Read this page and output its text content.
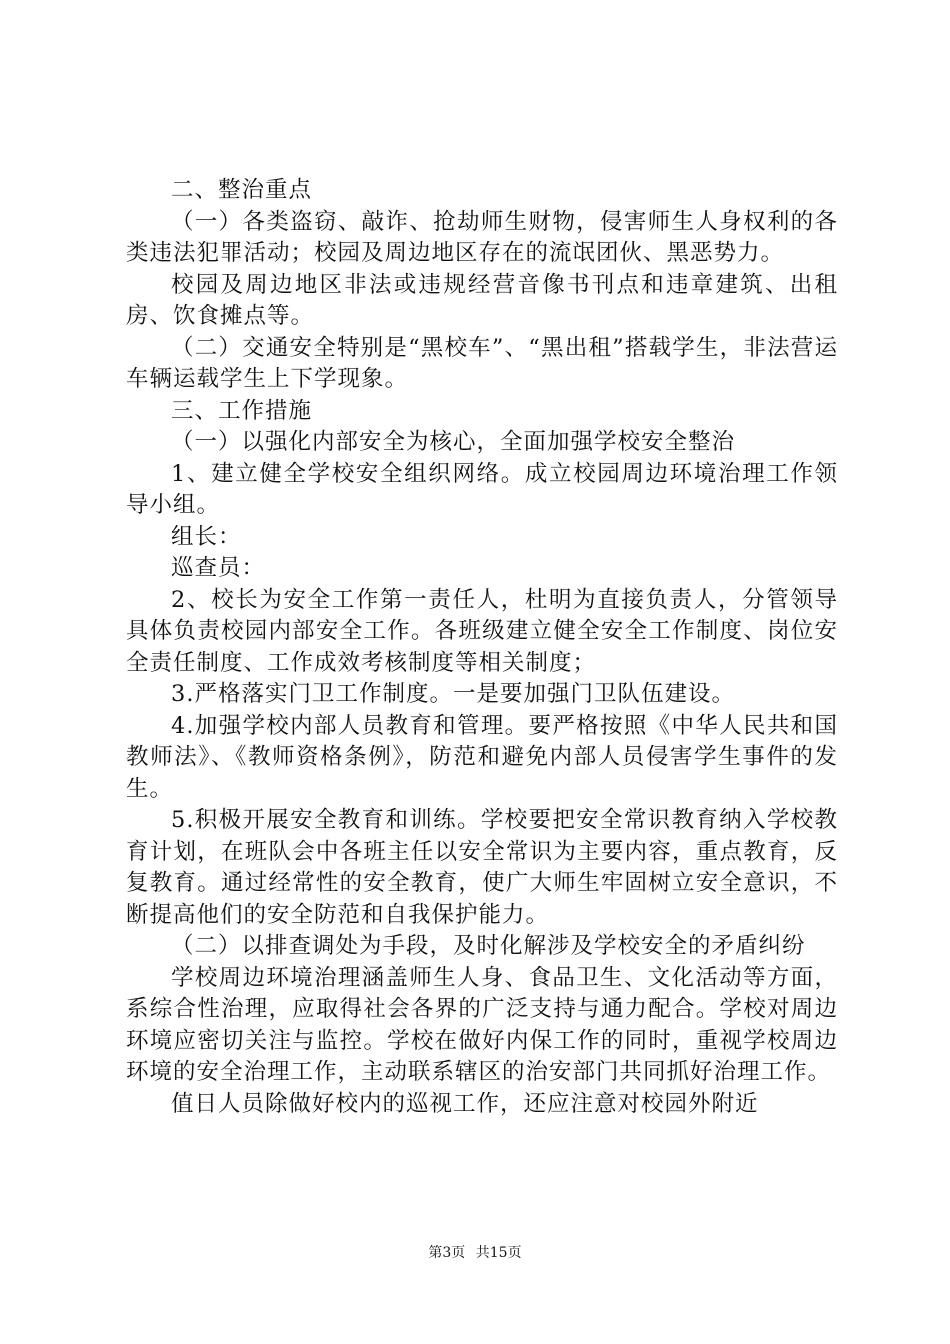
二、整治重点

（一）各类盗窃、敲诈、抢劫师生财物，侵害师生人身权利的各类违法犯罪活动；校园及周边地区存在的流氓团伙、黑恶势力。

校园及周边地区非法或违规经营音像书刊点和违章建筑、出租房、饮食摊点等。

（二）交通安全特别是“黑校车”、“黑出租”搭载学生，非法营运车辆运载学生上下学现象。

三、工作措施

（一）以强化内部安全为核心，全面加强学校安全整治

1、建立健全学校安全组织网络。成立校园周边环境治理工作领导小组。

组长：

巡查员：

2、校长为安全工作第一责任人，杜明为直接负责人，分管领导具体负责校园内部安全工作。各班级建立健全安全工作制度、岗位安全责任制度、工作成效考核制度等相关制度；

3.严格落实门卫工作制度。一是要加强门卫队伍建设。

4.加强学校内部人员教育和管理。要严格按照《中华人民共和国教师法》、《教师资格条例》，防范和避免内部人员侵害学生事件的发生。

5.积极开展安全教育和训练。学校要把安全常识教育纳入学校教育计划，在班队会中各班主任以安全常识为主要内容，重点教育，反复教育。通过经常性的安全教育，使广大师生牢固树立安全意识，不断提高他们的安全防范和自我保护能力。

（二）以排查调处为手段，及时化解涉及学校安全的矛盾纠纷

学校周边环境治理涵盖师生人身、食品卫生、文化活动等方面，系综合性治理，应取得社会各界的广泛支持与通力配合。学校对周边环境应密切关注与监控。学校在做好内保工作的同时，重视学校周边环境的安全治理工作，主动联系辖区的治安部门共同抓好治理工作。

值日人员除做好校内的巡视工作，还应注意对校园外附近

第3页 共15页
